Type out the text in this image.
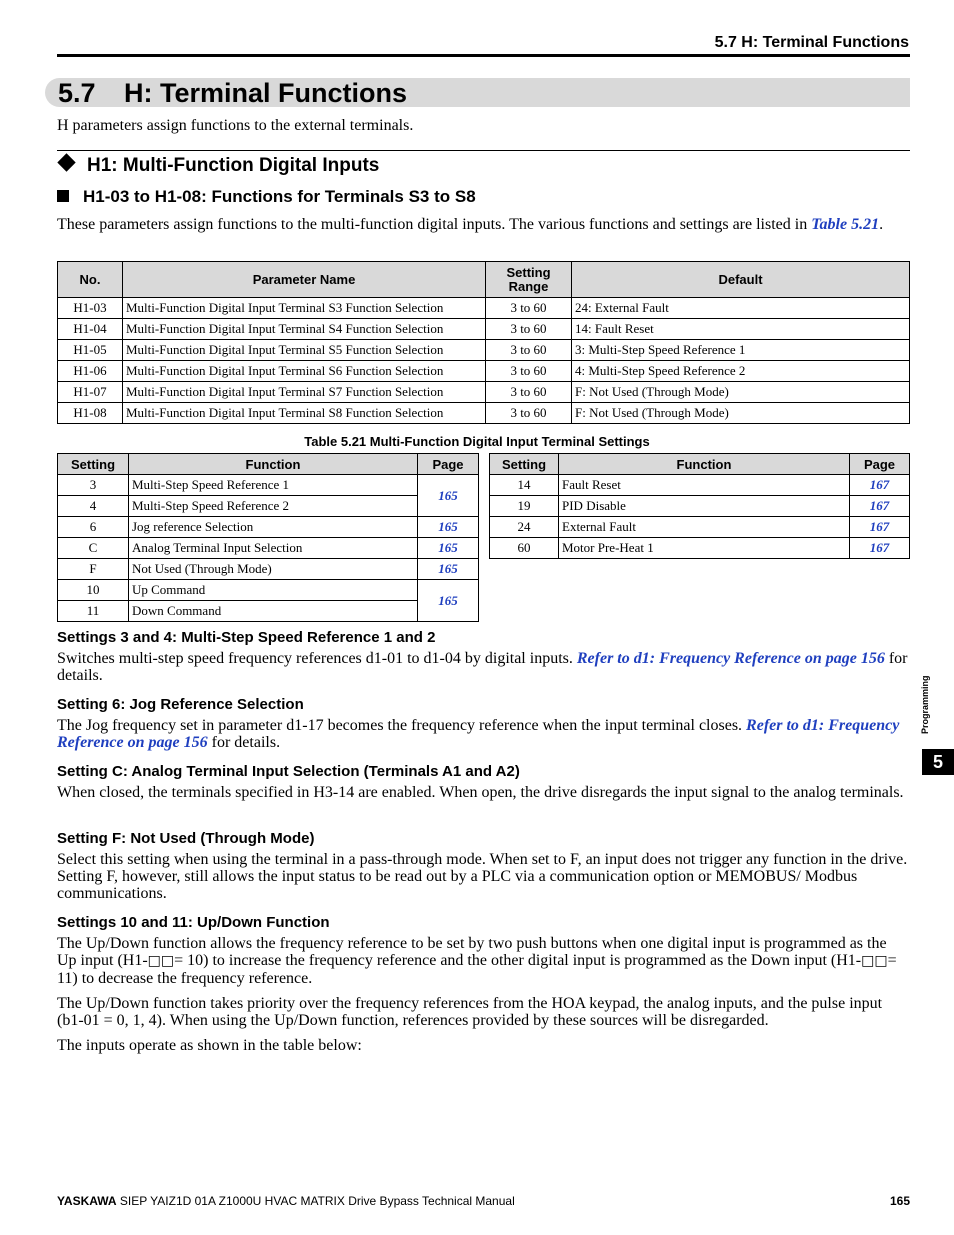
5.7 H: Terminal Functions
5.7 H: Terminal Functions
H parameters assign functions to the external terminals.
H1: Multi-Function Digital Inputs
H1-03 to H1-08: Functions for Terminals S3 to S8
These parameters assign functions to the multi-function digital inputs. The various functions and settings are listed in Table 5.21.
No.	Parameter Name	Setting Range	Default
H1-03	Multi-Function Digital Input Terminal S3 Function Selection	3 to 60	24: External Fault
H1-04	Multi-Function Digital Input Terminal S4 Function Selection	3 to 60	14: Fault Reset
H1-05	Multi-Function Digital Input Terminal S5 Function Selection	3 to 60	3: Multi-Step Speed Reference 1
H1-06	Multi-Function Digital Input Terminal S6 Function Selection	3 to 60	4: Multi-Step Speed Reference 2
H1-07	Multi-Function Digital Input Terminal S7 Function Selection	3 to 60	F: Not Used (Through Mode)
H1-08	Multi-Function Digital Input Terminal S8 Function Selection	3 to 60	F: Not Used (Through Mode)
Table 5.21 Multi-Function Digital Input Terminal Settings
Setting	Function	Page
3	Multi-Step Speed Reference 1	165
4	Multi-Step Speed Reference 2	
6	Jog reference Selection	165
C	Analog Terminal Input Selection	165
F	Not Used (Through Mode)	165
10	Up Command	165
11	Down Command	
Setting	Function	Page
14	Fault Reset	167
19	PID Disable	167
24	External Fault	167
60	Motor Pre-Heat 1	167
Settings 3 and 4: Multi-Step Speed Reference 1 and 2
Switches multi-step speed frequency references d1-01 to d1-04 by digital inputs. Refer to d1: Frequency Reference on page 156 for details.
Setting 6: Jog Reference Selection
The Jog frequency set in parameter d1-17 becomes the frequency reference when the input terminal closes. Refer to d1: Frequency Reference on page 156 for details.
Setting C: Analog Terminal Input Selection (Terminals A1 and A2)
When closed, the terminals specified in H3-14 are enabled. When open, the drive disregards the input signal to the analog terminals.
Setting F: Not Used (Through Mode)
Select this setting when using the terminal in a pass-through mode. When set to F, an input does not trigger any function in the drive. Setting F, however, still allows the input status to be read out by a PLC via a communication option or MEMOBUS/ Modbus communications.
Settings 10 and 11: Up/Down Function
The Up/Down function allows the frequency reference to be set by two push buttons when one digital input is programmed as the Up input (H1-□□= 10) to increase the frequency reference and the other digital input is programmed as the Down input (H1-□□= 11) to decrease the frequency reference.
The Up/Down function takes priority over the frequency references from the HOA keypad, the analog inputs, and the pulse input (b1-01 = 0, 1, 4). When using the Up/Down function, references provided by these sources will be disregarded.
The inputs operate as shown in the table below:
Programming
5
YASKAWA SIEP YAIZ1D 01A Z1000U HVAC MATRIX Drive Bypass Technical Manual	165
